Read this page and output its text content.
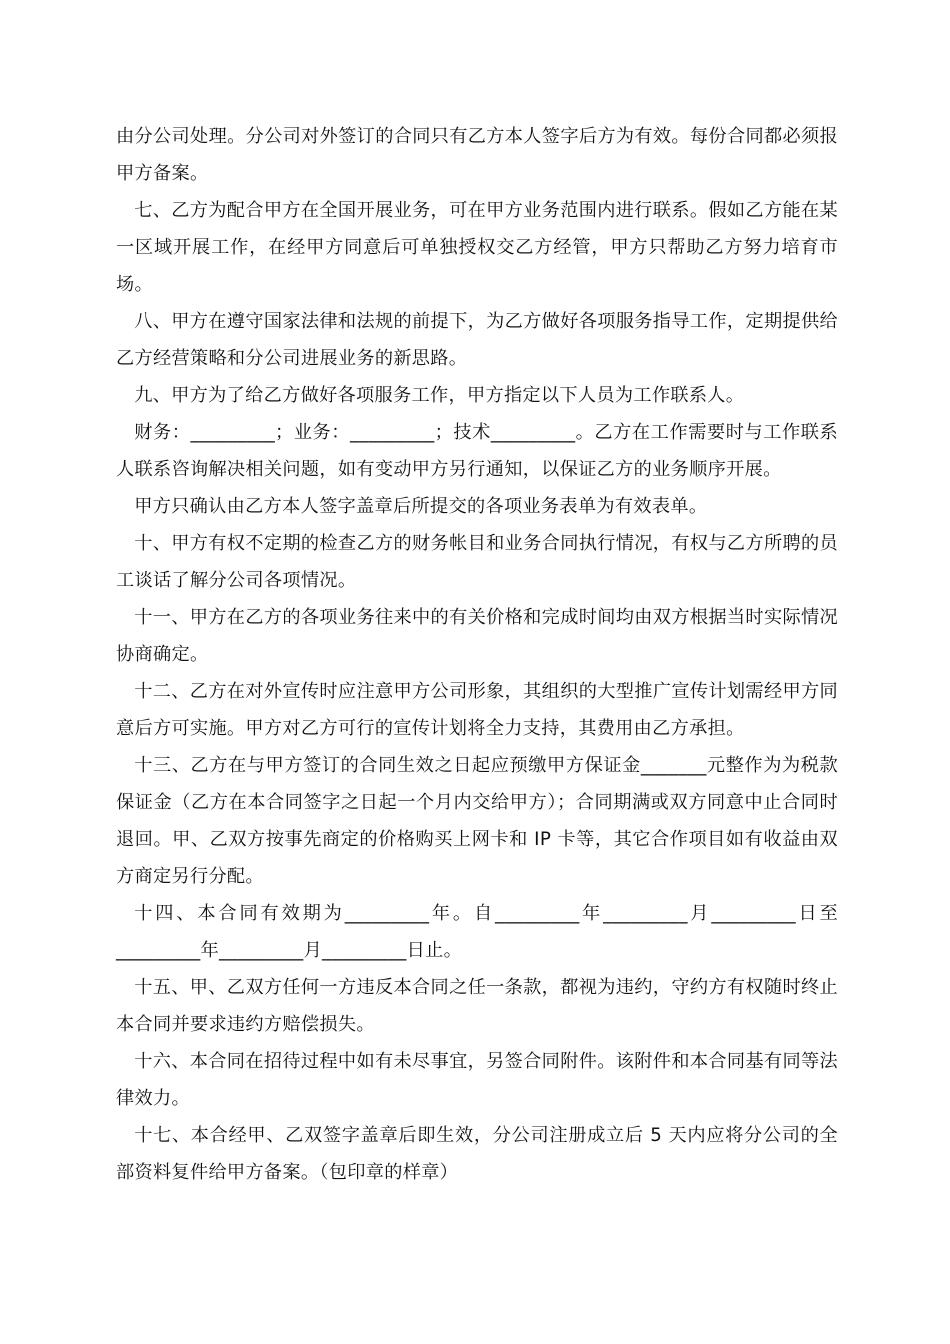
由分公司处理。分公司对外签订的合同只有乙方本人签字后方为有效。每份合同都必须报甲方备案。

七、乙方为配合甲方在全国开展业务，可在甲方业务范围内进行联系。假如乙方能在某一区域开展工作，在经甲方同意后可单独授权交乙方经管，甲方只帮助乙方努力培育市场。

八、甲方在遵守国家法律和法规的前提下，为乙方做好各项服务指导工作，定期提供给乙方经营策略和分公司进展业务的新思路。

九、甲方为了给乙方做好各项服务工作，甲方指定以下人员为工作联系人。

财务：_________；业务：_________；技术_________。乙方在工作需要时与工作联系人联系咨询解决相关问题，如有变动甲方另行通知，以保证乙方的业务顺序开展。

甲方只确认由乙方本人签字盖章后所提交的各项业务表单为有效表单。

十、甲方有权不定期的检查乙方的财务帐目和业务合同执行情况，有权与乙方所聘的员工谈话了解分公司各项情况。

十一、甲方在乙方的各项业务往来中的有关价格和完成时间均由双方根据当时实际情况协商确定。

十二、乙方在对外宣传时应注意甲方公司形象，其组织的大型推广宣传计划需经甲方同意后方可实施。甲方对乙方可行的宣传计划将全力支持，其费用由乙方承担。

十三、乙方在与甲方签订的合同生效之日起应预缴甲方保证金_______元整作为为税款保证金（乙方在本合同签字之日起一个月内交给甲方）；合同期满或双方同意中止合同时退回。甲、乙双方按事先商定的价格购买上网卡和 IP 卡等，其它合作项目如有收益由双方商定另行分配。

十四、本合同有效期为_________年。自_________年_________月_________日至_________年_________月_________日止。

十五、甲、乙双方任何一方违反本合同之任一条款，都视为违约，守约方有权随时终止本合同并要求违约方赔偿损失。

十六、本合同在招待过程中如有未尽事宜，另签合同附件。该附件和本合同基有同等法律效力。

十七、本合经甲、乙双签字盖章后即生效，分公司注册成立后 5 天内应将分公司的全部资料复件给甲方备案。（包印章的样章）
